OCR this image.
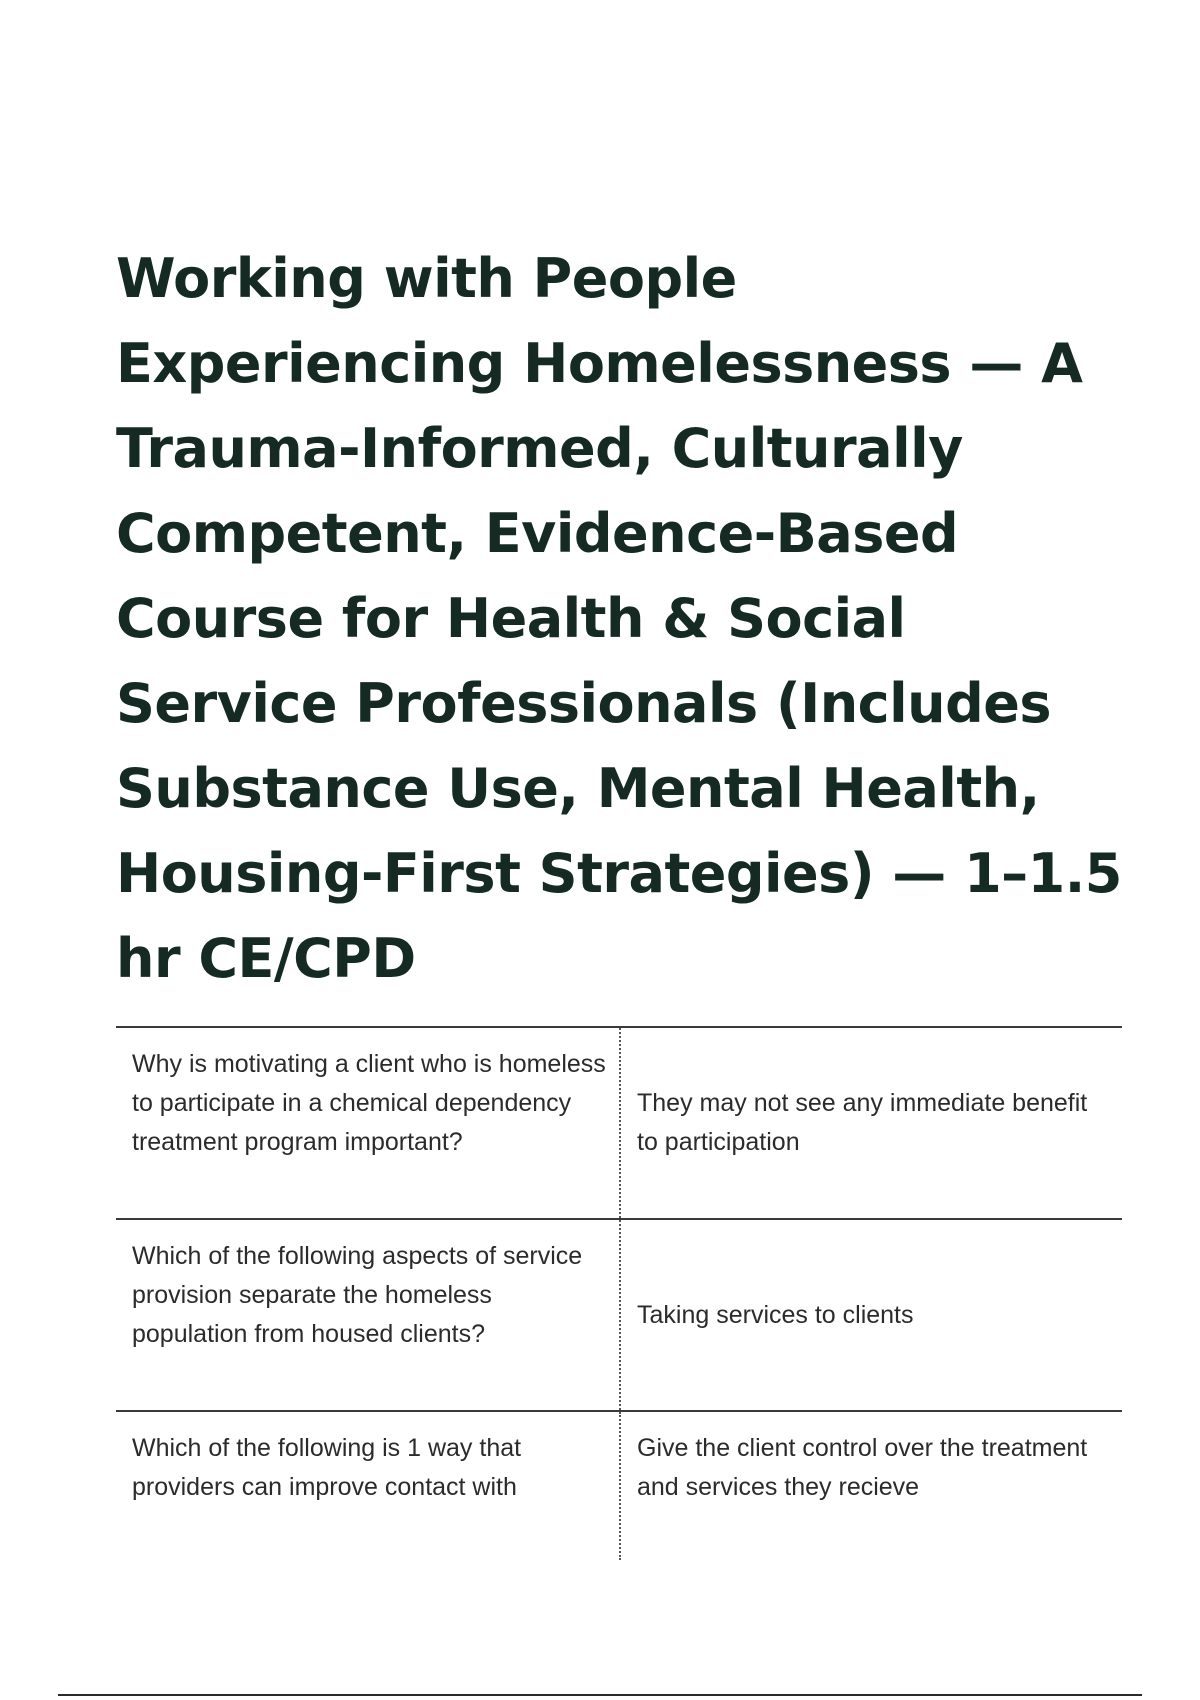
Working with People Experiencing Homelessness — A Trauma-Informed, Culturally Competent, Evidence-Based Course for Health & Social Service Professionals (Includes Substance Use, Mental Health, Housing-First Strategies) — 1–1.5 hr CE/CPD
Why is motivating a client who is homeless to participate in a chemical dependency treatment program important?
They may not see any immediate benefit to participation
Which of the following aspects of service provision separate the homeless population from housed clients?
Taking services to clients
Which of the following is 1 way that providers can improve contact with
Give the client control over the treatment and services they recieve
